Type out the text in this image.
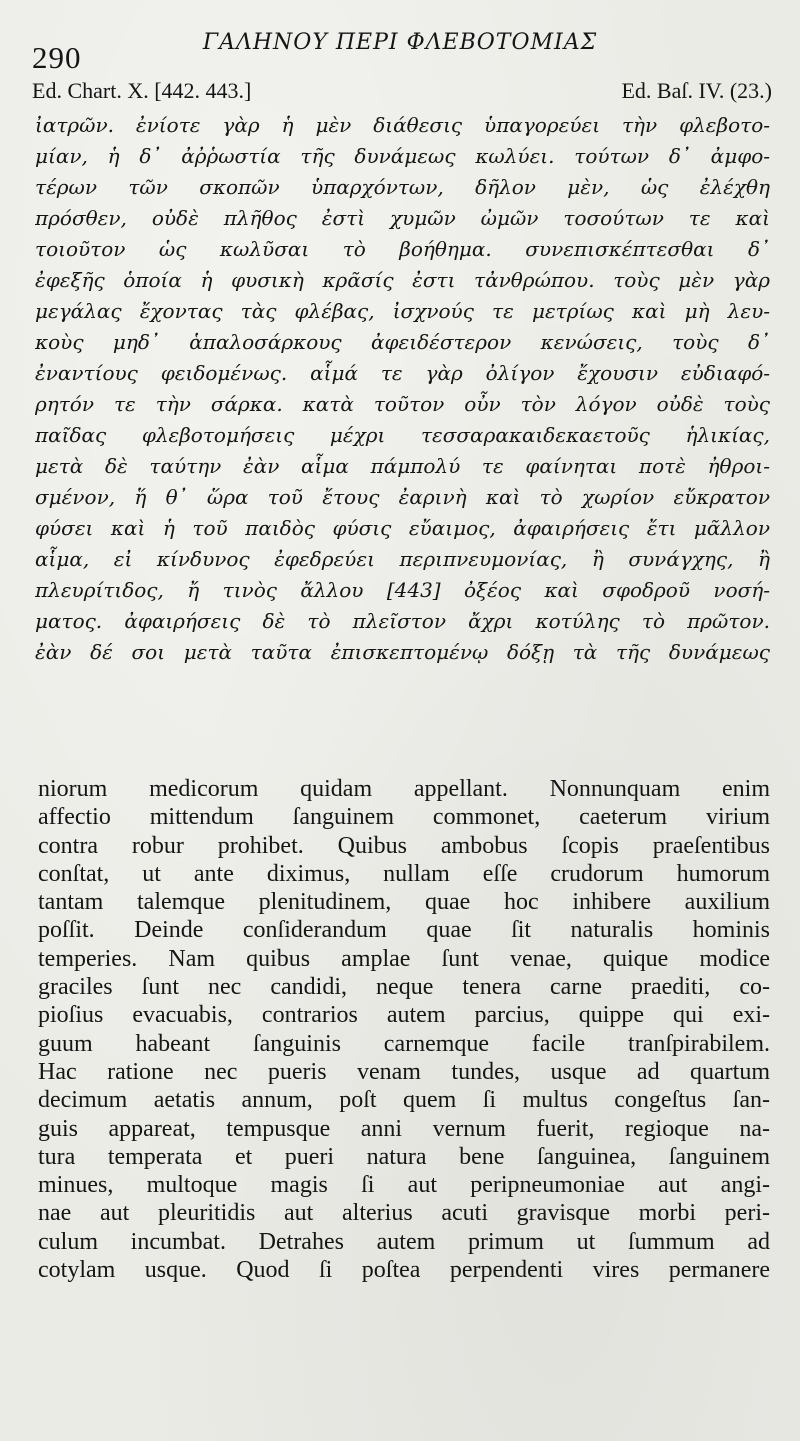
290	ΓΑΛΗΝΟΥ ΠΕΡΙ ΦΛΕΒΟΤΟΜΙΑΣ
Ed. Chart. X. [442. 443.]	Ed. Baſ. IV. (23.)
ἰατρῶν. ἐνίοτε γὰρ ἡ μὲν διάθεσις ὑπαγορεύει τὴν φλεβοτο-
μίαν, ἡ δ᾽ ἀῤῥωστία τῆς δυνάμεως κωλύει. τούτων δ᾽ ἀμφο-
τέρων τῶν σκοπῶν ὑπαρχόντων, δῆλον μὲν, ὡς ἐλέχθη
πρόσθεν, οὐδὲ πλῆθος ἐστὶ χυμῶν ὠμῶν τοσούτων τε καὶ
τοιοῦτον ὡς κωλῦσαι τὸ βοήθημα. συνεπισκέπτεσθαι δ᾽
ἐφεξῆς ὁποία ἡ φυσικὴ κρᾶσίς ἐστι τἀνθρώπου. τοὺς μὲν γὰρ
μεγάλας ἔχοντας τὰς φλέβας, ἰσχνούς τε μετρίως καὶ μὴ λευ-
κοὺς μηδ᾽ ἁπαλοσάρκους ἀφειδέστερον κενώσεις, τοὺς δ᾽
ἐναντίους φειδομένως. αἷμά τε γὰρ ὀλίγον ἔχουσιν εὐδιαφό-
ρητόν τε τὴν σάρκα. κατὰ τοῦτον οὖν τὸν λόγον οὐδὲ τοὺς
παῖδας φλεβοτομήσεις μέχρι τεσσαρακαιδεκαετοῦς ἡλικίας,
μετὰ δὲ ταύτην ἐὰν αἷμα πάμπολύ τε φαίνηται ποτὲ ἠθροι-
σμένον, ἥ θ᾽ ὥρα τοῦ ἔτους ἐαρινὴ καὶ τὸ χωρίον εὔκρατον
φύσει καὶ ἡ τοῦ παιδὸς φύσις εὔαιμος, ἀφαιρήσεις ἔτι μᾶλλον
αἷμα, εἰ κίνδυνος ἐφεδρεύει περιπνευμονίας, ἢ συνάγχης, ἢ
πλευρίτιδος, ἤ τινὸς ἄλλου [443] ὀξέος καὶ σφοδροῦ νοσή-
ματος. ἀφαιρήσεις δὲ τὸ πλεῖστον ἄχρι κοτύλης τὸ πρῶτον.
ἐὰν δέ σοι μετὰ ταῦτα ἐπισκεπτομένῳ δόξῃ τὰ τῆς δυνάμεως
niorum medicorum quidam appellant. Nonnunquam enim
affectio mittendum ſanguinem commonet, caeterum virium
contra robur prohibet. Quibus ambobus ſcopis praeſentibus
conſtat, ut ante diximus, nullam eſſe crudorum humorum
tantam talemque plenitudinem, quae hoc inhibere auxilium
poſſit. Deinde conſiderandum quae ſit naturalis hominis
temperies. Nam quibus amplae ſunt venae, quique modice
graciles ſunt nec candidi, neque tenera carne praediti, co-
pioſius evacuabis, contrarios autem parcius, quippe qui exi-
guum habeant ſanguinis carnemque facile tranſpirabilem.
Hac ratione nec pueris venam tundes, usque ad quartum
decimum aetatis annum, poſt quem ſi multus congeſtus ſan-
guis appareat, tempusque anni vernum fuerit, regioque na-
tura temperata et pueri natura bene ſanguinea, ſanguinem
minues, multoque magis ſi aut peripneumoniae aut angi-
nae aut pleuritidis aut alterius acuti gravisque morbi peri-
culum incumbat. Detrahes autem primum ut ſummum ad
cotylam usque. Quod ſi poſtea perpendenti vires permanere
